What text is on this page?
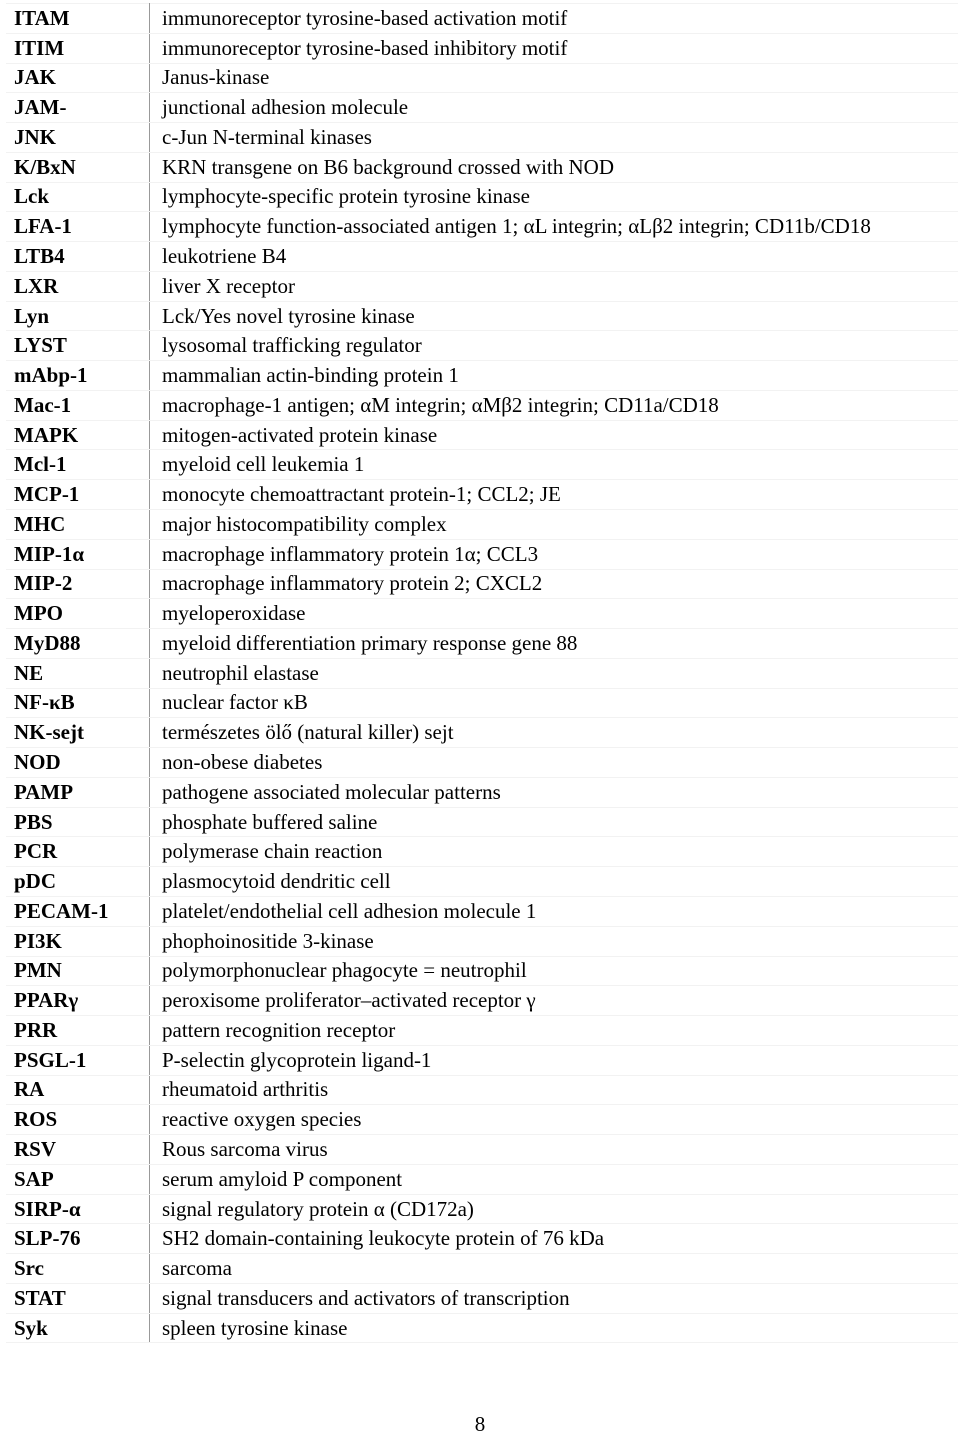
ITAM	immunoreceptor tyrosine-based activation motif
ITIM	immunoreceptor tyrosine-based inhibitory motif
JAK	Janus-kinase
JAM-	junctional adhesion molecule
JNK	c-Jun N-terminal kinases
K/BxN	KRN transgene on B6 background crossed with NOD
Lck	lymphocyte-specific protein tyrosine kinase
LFA-1	lymphocyte function-associated antigen 1; αL integrin; αLβ2 integrin; CD11b/CD18
LTB4	leukotriene B4
LXR	liver X receptor
Lyn	Lck/Yes novel tyrosine kinase
LYST	lysosomal trafficking regulator
mAbp-1	mammalian actin-binding protein 1
Mac-1	macrophage-1 antigen; αM integrin; αMβ2 integrin; CD11a/CD18
MAPK	mitogen-activated protein kinase
Mcl-1	myeloid cell leukemia 1
MCP-1	monocyte chemoattractant protein-1; CCL2; JE
MHC	major histocompatibility complex
MIP-1α	macrophage inflammatory protein 1α; CCL3
MIP-2	macrophage inflammatory protein 2; CXCL2
MPO	myeloperoxidase
MyD88	myeloid differentiation primary response gene 88
NE	neutrophil elastase
NF-κB	nuclear factor κB
NK-sejt	természetes ölő (natural killer) sejt
NOD	non-obese diabetes
PAMP	pathogene associated molecular patterns
PBS	phosphate buffered saline
PCR	polymerase chain reaction
pDC	plasmocytoid dendritic cell
PECAM-1	platelet/endothelial cell adhesion molecule 1
PI3K	phophoinositide 3-kinase
PMN	polymorphonuclear phagocyte = neutrophil
PPARγ	peroxisome proliferator–activated receptor γ
PRR	pattern recognition receptor
PSGL-1	P-selectin glycoprotein ligand-1
RA	rheumatoid arthritis
ROS	reactive oxygen species
RSV	Rous sarcoma virus
SAP	serum amyloid P component
SIRP-α	signal regulatory protein α (CD172a)
SLP-76	SH2 domain-containing leukocyte protein of 76 kDa
Src	sarcoma
STAT	signal transducers and activators of transcription
Syk	spleen tyrosine kinase
8
